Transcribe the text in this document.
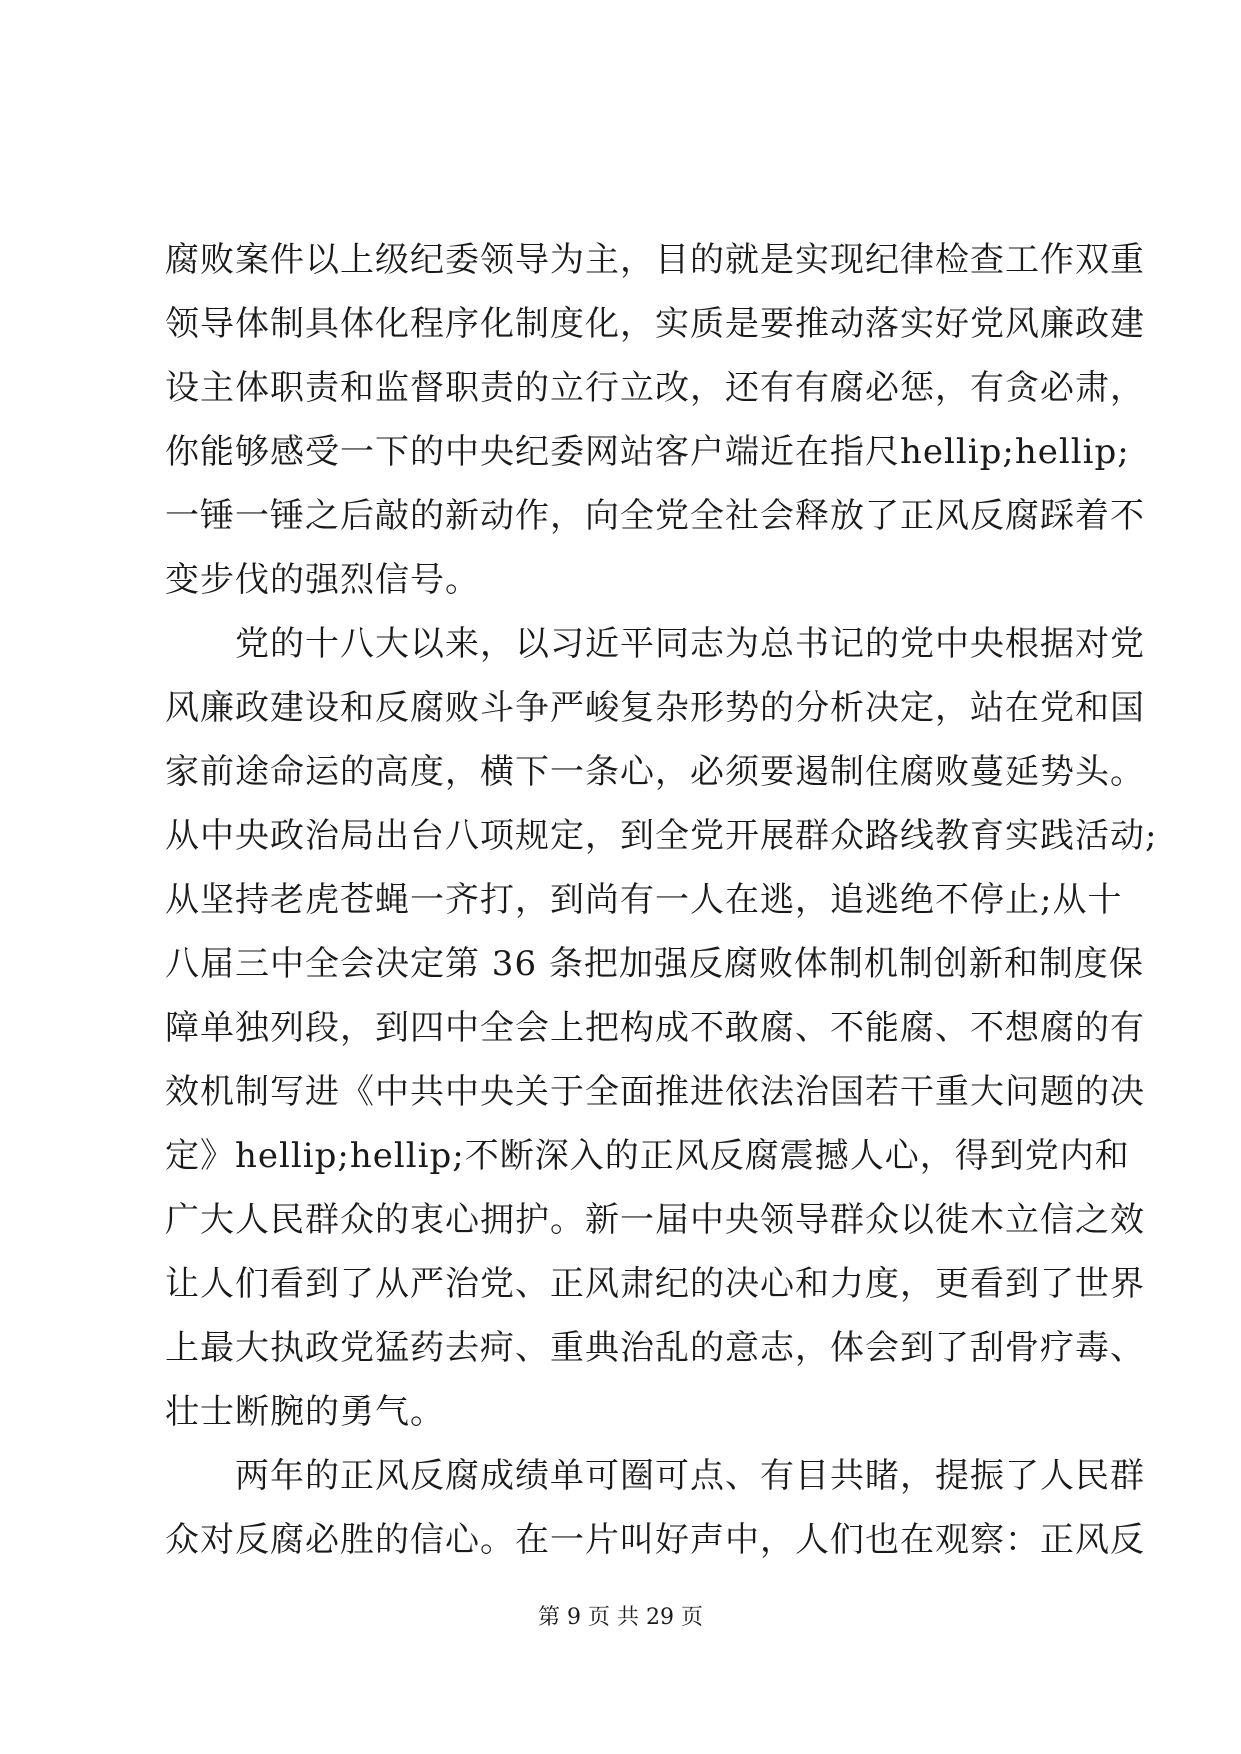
腐败案件以上级纪委领导为主，目的就是实现纪律检查工作双重
领导体制具体化程序化制度化，实质是要推动落实好党风廉政建
设主体职责和监督职责的立行立改，还有有腐必惩，有贪必肃，
你能够感受一下的中央纪委网站客户端近在指尺hellip;hellip;
一锤一锤之后敲的新动作，向全党全社会释放了正风反腐踩着不
变步伐的强烈信号。
党的十八大以来，以习近平同志为总书记的党中央根据对党
风廉政建设和反腐败斗争严峻复杂形势的分析决定，站在党和国
家前途命运的高度，横下一条心，必须要遏制住腐败蔓延势头。
从中央政治局出台八项规定，到全党开展群众路线教育实践活动;
从坚持老虎苍蝇一齐打，到尚有一人在逃，追逃绝不停止;从十
八届三中全会决定第 36 条把加强反腐败体制机制创新和制度保
障单独列段，到四中全会上把构成不敢腐、不能腐、不想腐的有
效机制写进《中共中央关于全面推进依法治国若干重大问题的决
定》hellip;hellip;不断深入的正风反腐震撼人心，得到党内和
广大人民群众的衷心拥护。新一届中央领导群众以徙木立信之效
让人们看到了从严治党、正风肃纪的决心和力度，更看到了世界
上最大执政党猛药去疴、重典治乱的意志，体会到了刮骨疗毒、
壮士断腕的勇气。
两年的正风反腐成绩单可圈可点、有目共睹，提振了人民群
众对反腐必胜的信心。在一片叫好声中，人们也在观察：正风反
第 9 页 共 29 页
